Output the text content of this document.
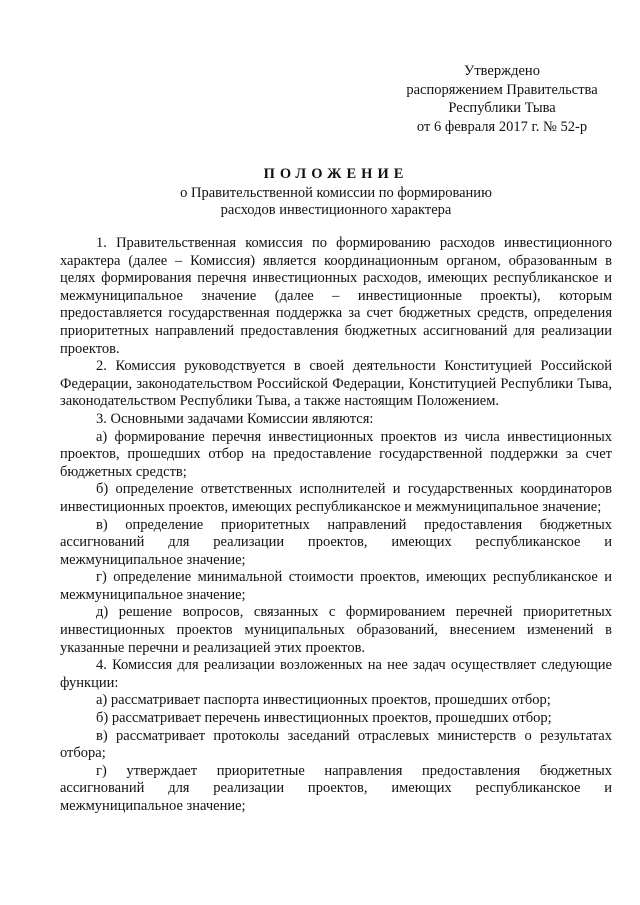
Утверждено
распоряжением Правительства
Республики Тыва
от 6 февраля 2017 г. № 52-р
ПОЛОЖЕНИЕ
о Правительственной комиссии по формированию
расходов инвестиционного характера

1. Правительственная комиссия по формированию расходов инвестиционного характера (далее – Комиссия) является координационным органом, образованным в целях формирования перечня инвестиционных расходов, имеющих республиканское и межмуниципальное значение (далее – инвестиционные проекты), которым предоставляется государственная поддержка за счет бюджетных средств, определения приоритетных направлений предоставления бюджетных ассигнований для реализации проектов.

2. Комиссия руководствуется в своей деятельности Конституцией Российской Федерации, законодательством Российской Федерации, Конституцией Республики Тыва, законодательством Республики Тыва, а также настоящим Положением.

3. Основными задачами Комиссии являются:

а) формирование перечня инвестиционных проектов из числа инвестиционных проектов, прошедших отбор на предоставление государственной поддержки за счет бюджетных средств;

б) определение ответственных исполнителей и государственных координаторов инвестиционных проектов, имеющих республиканское и межмуниципальное значение;

в) определение приоритетных направлений предоставления бюджетных ассигнований для реализации проектов, имеющих республиканское и межмуниципальное значение;

г) определение минимальной стоимости проектов, имеющих республиканское и межмуниципальное значение;

д) решение вопросов, связанных с формированием перечней приоритетных инвестиционных проектов муниципальных образований, внесением изменений в указанные перечни и реализацией этих проектов.

4. Комиссия для реализации возложенных на нее задач осуществляет следующие функции:

а) рассматривает паспорта инвестиционных проектов, прошедших отбор;

б) рассматривает перечень инвестиционных проектов, прошедших отбор;

в) рассматривает протоколы заседаний отраслевых министерств о результатах отбора;

г) утверждает приоритетные направления предоставления бюджетных ассигнований для реализации проектов, имеющих республиканское и межмуниципальное значение;
